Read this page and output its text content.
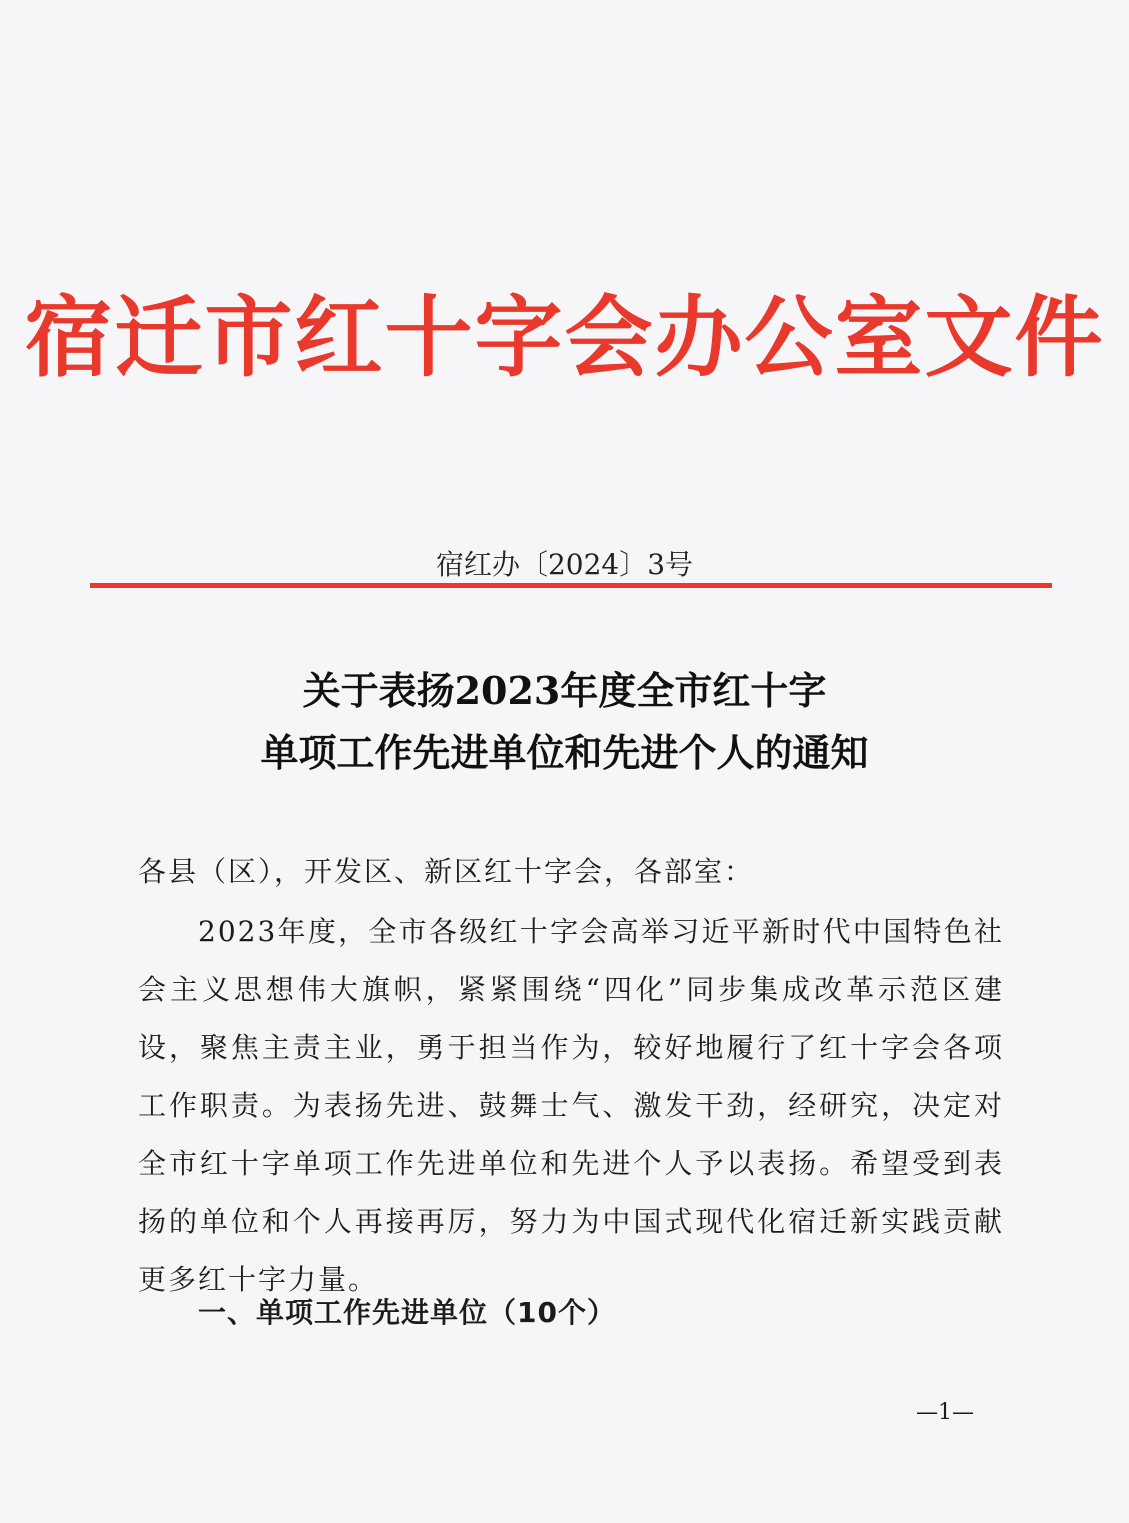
宿迁市红十字会办公室文件
宿红办〔2024〕3号
关于表扬2023年度全市红十字
单项工作先进单位和先进个人的通知
各县（区），开发区、新区红十字会，各部室：
2023年度，全市各级红十字会高举习近平新时代中国特色社会主义思想伟大旗帜，紧紧围绕“四化”同步集成改革示范区建设，聚焦主责主业，勇于担当作为，较好地履行了红十字会各项工作职责。为表扬先进、鼓舞士气、激发干劲，经研究，决定对全市红十字单项工作先进单位和先进个人予以表扬。希望受到表扬的单位和个人再接再厉，努力为中国式现代化宿迁新实践贡献更多红十字力量。
一、单项工作先进单位（10个）
—1—
